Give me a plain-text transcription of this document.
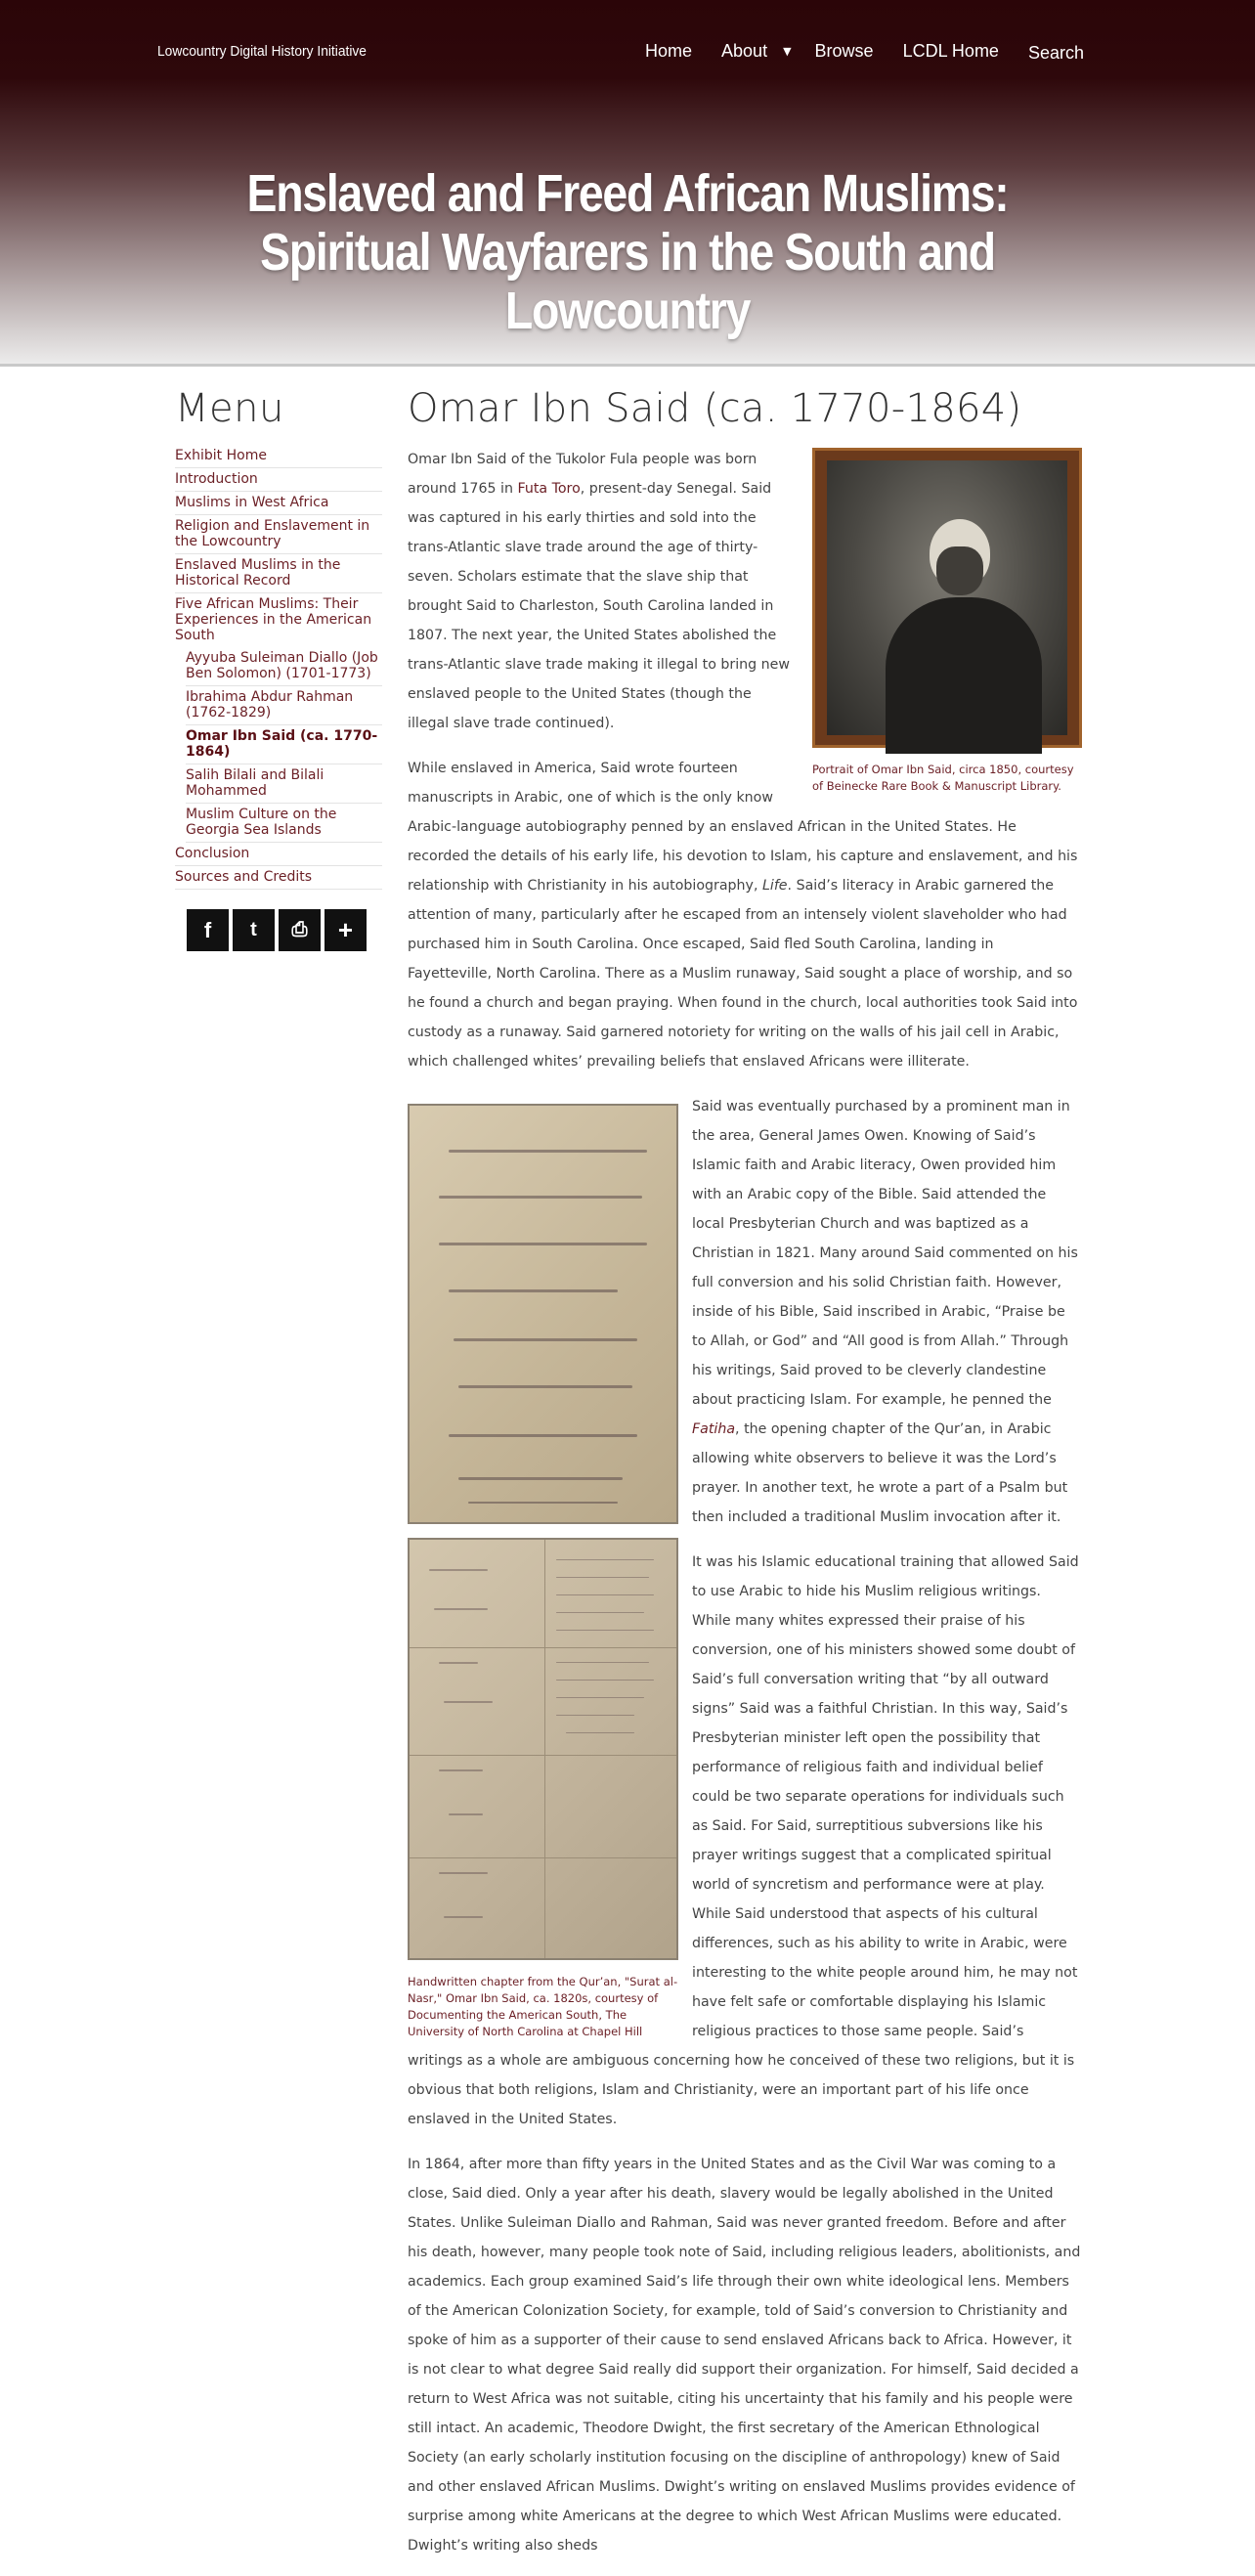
Lowcountry Digital History Initiative	Home About ▼ Browse LCDL Home Search
Enslaved and Freed African Muslims: Spiritual Wayfarers in the South and Lowcountry
Menu
Exhibit Home
Introduction
Muslims in West Africa
Religion and Enslavement in the Lowcountry
Enslaved Muslims in the Historical Record
Five African Muslims: Their Experiences in the American South
Ayyuba Suleiman Diallo (Job Ben Solomon) (1701-1773)
Ibrahima Abdur Rahman (1762-1829)
Omar Ibn Said (ca. 1770-1864)
Salih Bilali and Bilali Mohammed
Muslim Culture on the Georgia Sea Islands
Conclusion
Sources and Credits
f	t	⎙	+
Omar Ibn Said (ca. 1770-1864)
Portrait of Omar Ibn Said, circa 1850, courtesy of Beinecke Rare Book & Manuscript Library.

Omar Ibn Said of the Tukolor Fula people was born around 1765 in Futa Toro, present-day Senegal. Said was captured in his early thirties and sold into the trans-Atlantic slave trade around the age of thirty-seven. Scholars estimate that the slave ship that brought Said to Charleston, South Carolina landed in 1807. The next year, the United States abolished the trans-Atlantic slave trade making it illegal to bring new enslaved people to the United States (though the illegal slave trade continued).

While enslaved in America, Said wrote fourteen manuscripts in Arabic, one of which is the only know Arabic-language autobiography penned by an enslaved African in the United States. He recorded the details of his early life, his devotion to Islam, his capture and enslavement, and his relationship with Christianity in his autobiography, Life. Said’s literacy in Arabic garnered the attention of many, particularly after he escaped from an intensely violent slaveholder who had purchased him in South Carolina. Once escaped, Said fled South Carolina, landing in Fayetteville, North Carolina. There as a Muslim runaway, Said sought a place of worship, and so he found a church and began praying. When found in the church, local authorities took Said into custody as a runaway. Said garnered notoriety for writing on the walls of his jail cell in Arabic, which challenged whites’ prevailing beliefs that enslaved Africans were illiterate.

Handwritten chapter from the Qur’an, "Surat al-Nasr," Omar Ibn Said, ca. 1820s, courtesy of Documenting the American South, The University of North Carolina at Chapel Hill

Said was eventually purchased by a prominent man in the area, General James Owen. Knowing of Said’s Islamic faith and Arabic literacy, Owen provided him with an Arabic copy of the Bible. Said attended the local Presbyterian Church and was baptized as a Christian in 1821. Many around Said commented on his full conversion and his solid Christian faith. However, inside of his Bible, Said inscribed in Arabic, “Praise be to Allah, or God” and “All good is from Allah.” Through his writings, Said proved to be cleverly clandestine about practicing Islam. For example, he penned the Fatiha, the opening chapter of the Qur’an, in Arabic allowing white observers to believe it was the Lord’s prayer. In another text, he wrote a part of a Psalm but then included a traditional Muslim invocation after it.

It was his Islamic educational training that allowed Said to use Arabic to hide his Muslim religious writings. While many whites expressed their praise of his conversion, one of his ministers showed some doubt of Said’s full conversation writing that “by all outward signs” Said was a faithful Christian. In this way, Said’s Presbyterian minister left open the possibility that performance of religious faith and individual belief could be two separate operations for individuals such as Said. For Said, surreptitious subversions like his prayer writings suggest that a complicated spiritual world of syncretism and performance were at play. While Said understood that aspects of his cultural differences, such as his ability to write in Arabic, were interesting to the white people around him, he may not have felt safe or comfortable displaying his Islamic religious practices to those same people. Said’s writings as a whole are ambiguous concerning how he conceived of these two religions, but it is obvious that both religions, Islam and Christianity, were an important part of his life once enslaved in the United States.

In 1864, after more than fifty years in the United States and as the Civil War was coming to a close, Said died. Only a year after his death, slavery would be legally abolished in the United States. Unlike Suleiman Diallo and Rahman, Said was never granted freedom. Before and after his death, however, many people took note of Said, including religious leaders, abolitionists, and academics. Each group examined Said’s life through their own white ideological lens. Members of the American Colonization Society, for example, told of Said’s conversion to Christianity and spoke of him as a supporter of their cause to send enslaved Africans back to Africa. However, it is not clear to what degree Said really did support their organization. For himself, Said decided a return to West Africa was not suitable, citing his uncertainty that his family and his people were still intact. An academic, Theodore Dwight, the first secretary of the American Ethnological Society (an early scholarly institution focusing on the discipline of anthropology) knew of Said and other enslaved African Muslims. Dwight’s writing on enslaved Muslims provides evidence of surprise among white Americans at the degree to which West African Muslims were educated. Dwight’s writing also sheds
